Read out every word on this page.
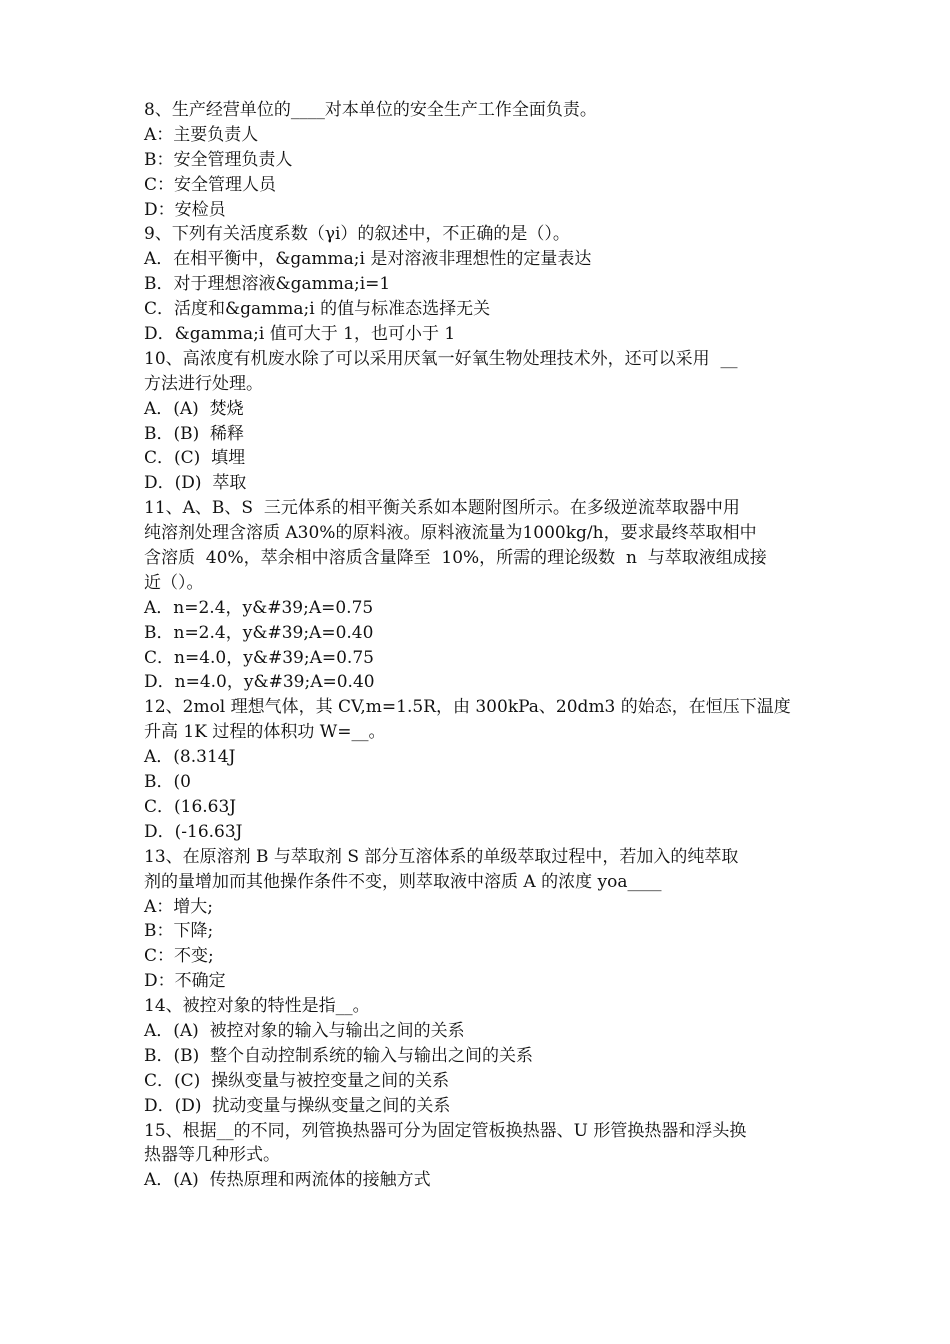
8、生产经营单位的____对本单位的安全生产工作全面负责。
A：主要负责人
B：安全管理负责人
C：安全管理人员
D：安检员
9、下列有关活度系数（γi）的叙述中，不正确的是（）。
A．在相平衡中，&gamma;i 是对溶液非理想性的定量表达
B．对于理想溶液&gamma;i=1
C．活度和&gamma;i 的值与标准态选择无关
D．&gamma;i 值可大于 1，也可小于 1
10、高浓度有机废水除了可以采用厌氧一好氧生物处理技术外，还可以采用  __
方法进行处理。
A．(A)  焚烧
B．(B)  稀释
C．(C)  填埋
D．(D)  萃取
11、A、B、S  三元体系的相平衡关系如本题附图所示。在多级逆流萃取器中用
纯溶剂处理含溶质 A30%的原料液。原料液流量为1000kg/h，要求最终萃取相中
含溶质  40%，萃余相中溶质含量降至  10%，所需的理论级数  n  与萃取液组成接
近（）。
A．n=2.4，y&#39;A=0.75
B．n=2.4，y&#39;A=0.40
C．n=4.0，y&#39;A=0.75
D．n=4.0，y&#39;A=0.40
12、2mol 理想气体，其 CV,m=1.5R，由 300kPa、20dm3 的始态，在恒压下温度
升高 1K 过程的体积功 W=__。
A．(8.314J
B．(0
C．(16.63J
D．(-16.63J
13、在原溶剂 B 与萃取剂 S 部分互溶体系的单级萃取过程中，若加入的纯萃取
剂的量增加而其他操作条件不变，则萃取液中溶质 A 的浓度 yoa____
A：增大;
B：下降;
C：不变;
D：不确定
14、被控对象的特性是指__。
A．(A)  被控对象的输入与输出之间的关系
B．(B)  整个自动控制系统的输入与输出之间的关系
C．(C)  操纵变量与被控变量之间的关系
D．(D)  扰动变量与操纵变量之间的关系
15、根据__的不同，列管换热器可分为固定管板换热器、U 形管换热器和浮头换
热器等几种形式。
A．(A)  传热原理和两流体的接触方式
